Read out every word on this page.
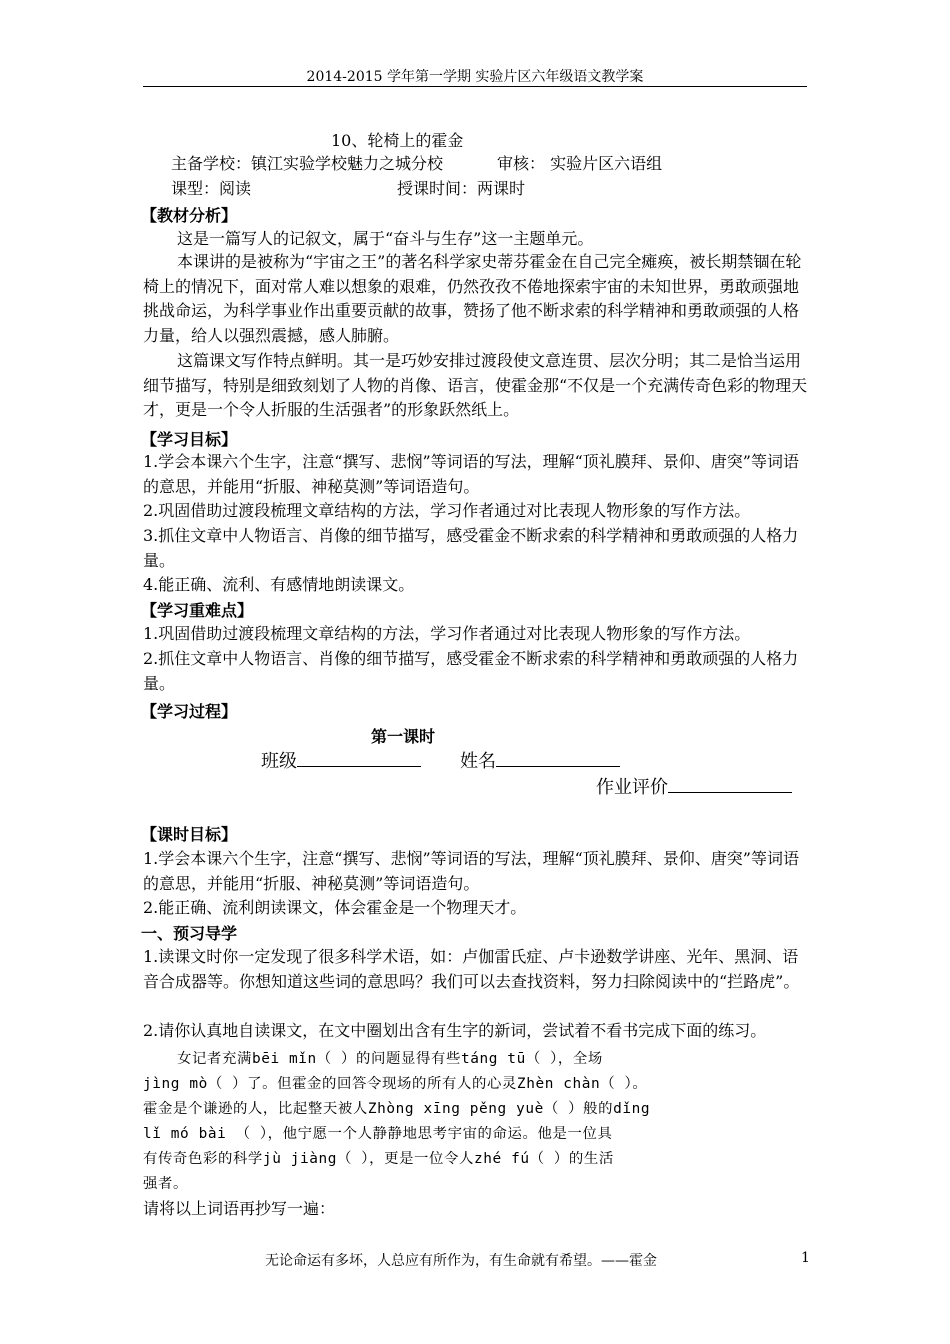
2014-2015 学年第一学期 实验片区六年级语文教学案
10、轮椅上的霍金
主备学校：镇江实验学校魅力之城分校	审核： 实验片区六语组
课型：阅读	授课时间：两课时
【教材分析】
这是一篇写人的记叙文，属于“奋斗与生存”这一主题单元。
本课讲的是被称为“宇宙之王”的著名科学家史蒂芬霍金在自己完全瘫痪，被长期禁锢在轮椅上的情况下，面对常人难以想象的艰难，仍然孜孜不倦地探索宇宙的未知世界，勇敢顽强地挑战命运，为科学事业作出重要贡献的故事，赞扬了他不断求索的科学精神和勇敢顽强的人格力量，给人以强烈震撼，感人肺腑。
这篇课文写作特点鲜明。其一是巧妙安排过渡段使文意连贯、层次分明；其二是恰当运用细节描写，特别是细致刻划了人物的肖像、语言，使霍金那“不仅是一个充满传奇色彩的物理天才，更是一个令人折服的生活强者”的形象跃然纸上。
【学习目标】
1.学会本课六个生字，注意“撰写、悲悯”等词语的写法，理解“顶礼膜拜、景仰、唐突”等词语的意思，并能用“折服、神秘莫测”等词语造句。
2.巩固借助过渡段梳理文章结构的方法，学习作者通过对比表现人物形象的写作方法。
3.抓住文章中人物语言、肖像的细节描写，感受霍金不断求索的科学精神和勇敢顽强的人格力量。
4.能正确、流利、有感情地朗读课文。
【学习重难点】
1.巩固借助过渡段梳理文章结构的方法，学习作者通过对比表现人物形象的写作方法。
2.抓住文章中人物语言、肖像的细节描写，感受霍金不断求索的科学精神和勇敢顽强的人格力量。
【学习过程】
第一课时
班级	姓名
作业评价
【课时目标】
1.学会本课六个生字，注意“撰写、悲悯”等词语的写法，理解“顶礼膜拜、景仰、唐突”等词语的意思，并能用“折服、神秘莫测”等词语造句。
2.能正确、流利朗读课文，体会霍金是一个物理天才。
一、预习导学
1.读课文时你一定发现了很多科学术语，如：卢伽雷氏症、卢卡逊数学讲座、光年、黑洞、语音合成器等。你想知道这些词的意思吗？我们可以去查找资料，努力扫除阅读中的“拦路虎”。
2.请你认真地自读课文，在文中圈划出含有生字的新词，尝试着不看书完成下面的练习。
女记者充满bēi mǐn（ ）的问题显得有些táng tū（ ），全场
jìng mò（ ）了。但霍金的回答令现场的所有人的心灵Zhèn chàn（ ）。
霍金是个谦逊的人，比起整天被人Zhòng xīng pěng yuè（ ）般的dǐng
lǐ mó bài （ ），他宁愿一个人静静地思考宇宙的命运。他是一位具
有传奇色彩的科学jù jiàng（ ），更是一位令人zhé fú（ ）的生活
强者。
请将以上词语再抄写一遍：
无论命运有多坏，人总应有所作为，有生命就有希望。——霍金	1
